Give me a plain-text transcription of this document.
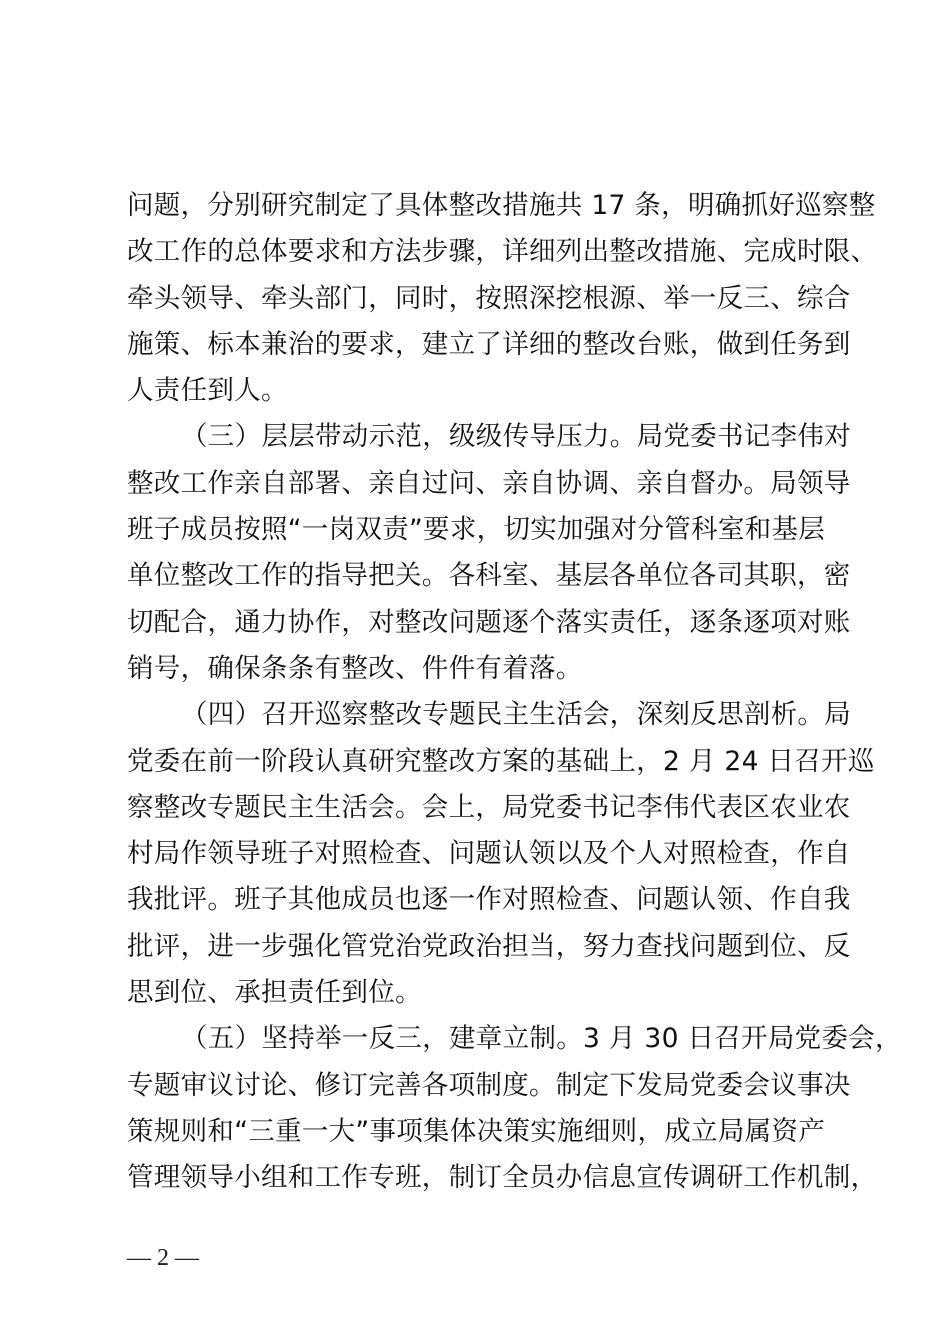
问题，分别研究制定了具体整改措施共 17 条，明确抓好巡察整
改工作的总体要求和方法步骤，详细列出整改措施、完成时限、
牵头领导、牵头部门，同时，按照深挖根源、举一反三、综合
施策、标本兼治的要求，建立了详细的整改台账，做到任务到
人责任到人。

（三）层层带动示范，级级传导压力。局党委书记李伟对
整改工作亲自部署、亲自过问、亲自协调、亲自督办。局领导
班子成员按照“一岗双责”要求，切实加强对分管科室和基层
单位整改工作的指导把关。各科室、基层各单位各司其职，密
切配合，通力协作，对整改问题逐个落实责任，逐条逐项对账
销号，确保条条有整改、件件有着落。

（四）召开巡察整改专题民主生活会，深刻反思剖析。局
党委在前一阶段认真研究整改方案的基础上，2 月 24 日召开巡
察整改专题民主生活会。会上，局党委书记李伟代表区农业农
村局作领导班子对照检查、问题认领以及个人对照检查，作自
我批评。班子其他成员也逐一作对照检查、问题认领、作自我
批评，进一步强化管党治党政治担当，努力查找问题到位、反
思到位、承担责任到位。

（五）坚持举一反三，建章立制。3 月 30 日召开局党委会，
专题审议讨论、修订完善各项制度。制定下发局党委会议事决
策规则和“三重一大”事项集体决策实施细则，成立局属资产
管理领导小组和工作专班，制订全员办信息宣传调研工作机制，

— 2 —
